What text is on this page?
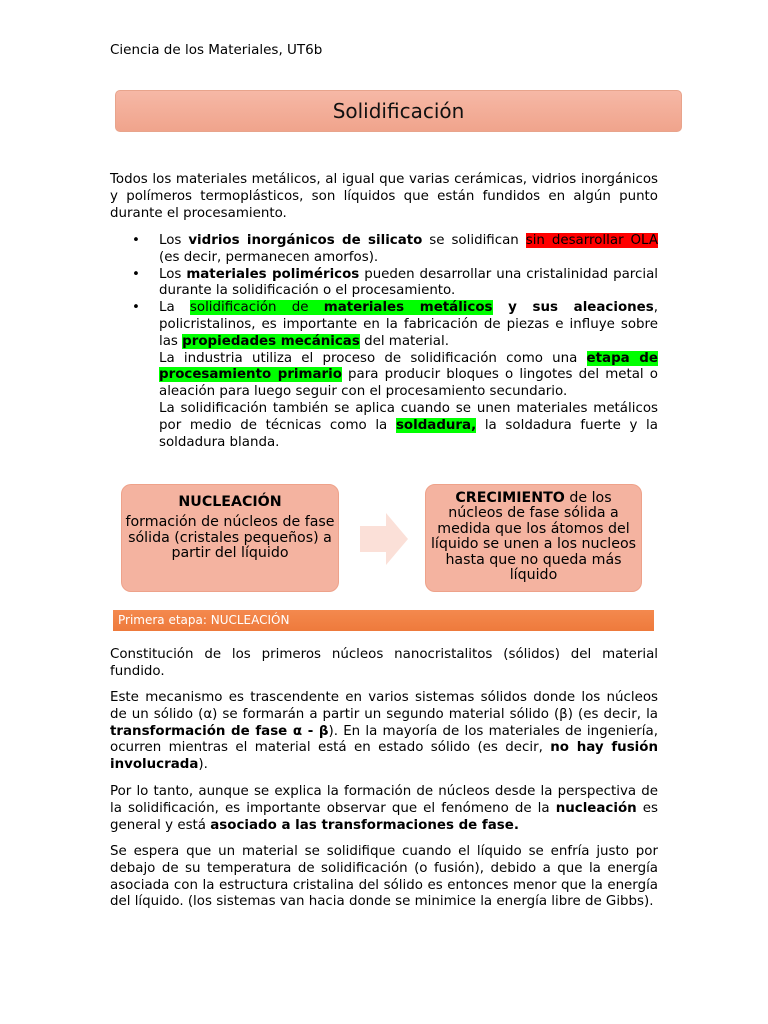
Ciencia de los Materiales, UT6b
Solidificación
Todos los materiales metálicos, al igual que varias cerámicas, vidrios inorgánicos y polímeros termoplásticos, son líquidos que están fundidos en algún punto durante el procesamiento.
• Los vidrios inorgánicos de silicato se solidifican sin desarrollar OLA (es decir, permanecen amorfos).
• Los materiales poliméricos pueden desarrollar una cristalinidad parcial durante la solidificación o el procesamiento.
• La solidificación de materiales metálicos y sus aleaciones, policristalinos, es importante en la fabricación de piezas e influye sobre las propiedades mecánicas del material.
La industria utiliza el proceso de solidificación como una etapa de procesamiento primario para producir bloques o lingotes del metal o aleación para luego seguir con el procesamiento secundario.
La solidificación también se aplica cuando se unen materiales metálicos por medio de técnicas como la soldadura, la soldadura fuerte y la soldadura blanda.
NUCLEACIÓN
formación de núcleos de fase sólida (cristales pequeños) a partir del líquido
CRECIMIENTO de los núcleos de fase sólida a medida que los átomos del líquido se unen a los nucleos hasta que no queda más líquido
Primera etapa: NUCLEACIÓN

Constitución de los primeros núcleos nanocristalitos (sólidos) del material fundido.

Este mecanismo es trascendente en varios sistemas sólidos donde los núcleos de un sólido (α) se formarán a partir un segundo material sólido (β) (es decir, la transformación de fase α - β). En la mayoría de los materiales de ingeniería, ocurren mientras el material está en estado sólido (es decir, no hay fusión involucrada).

Por lo tanto, aunque se explica la formación de núcleos desde la perspectiva de la solidificación, es importante observar que el fenómeno de la nucleación es general y está asociado a las transformaciones de fase.

Se espera que un material se solidifique cuando el líquido se enfría justo por debajo de su temperatura de solidificación (o fusión), debido a que la energía asociada con la estructura cristalina del sólido es entonces menor que la energía del líquido. (los sistemas van hacia donde se minimice la energía libre de Gibbs).
